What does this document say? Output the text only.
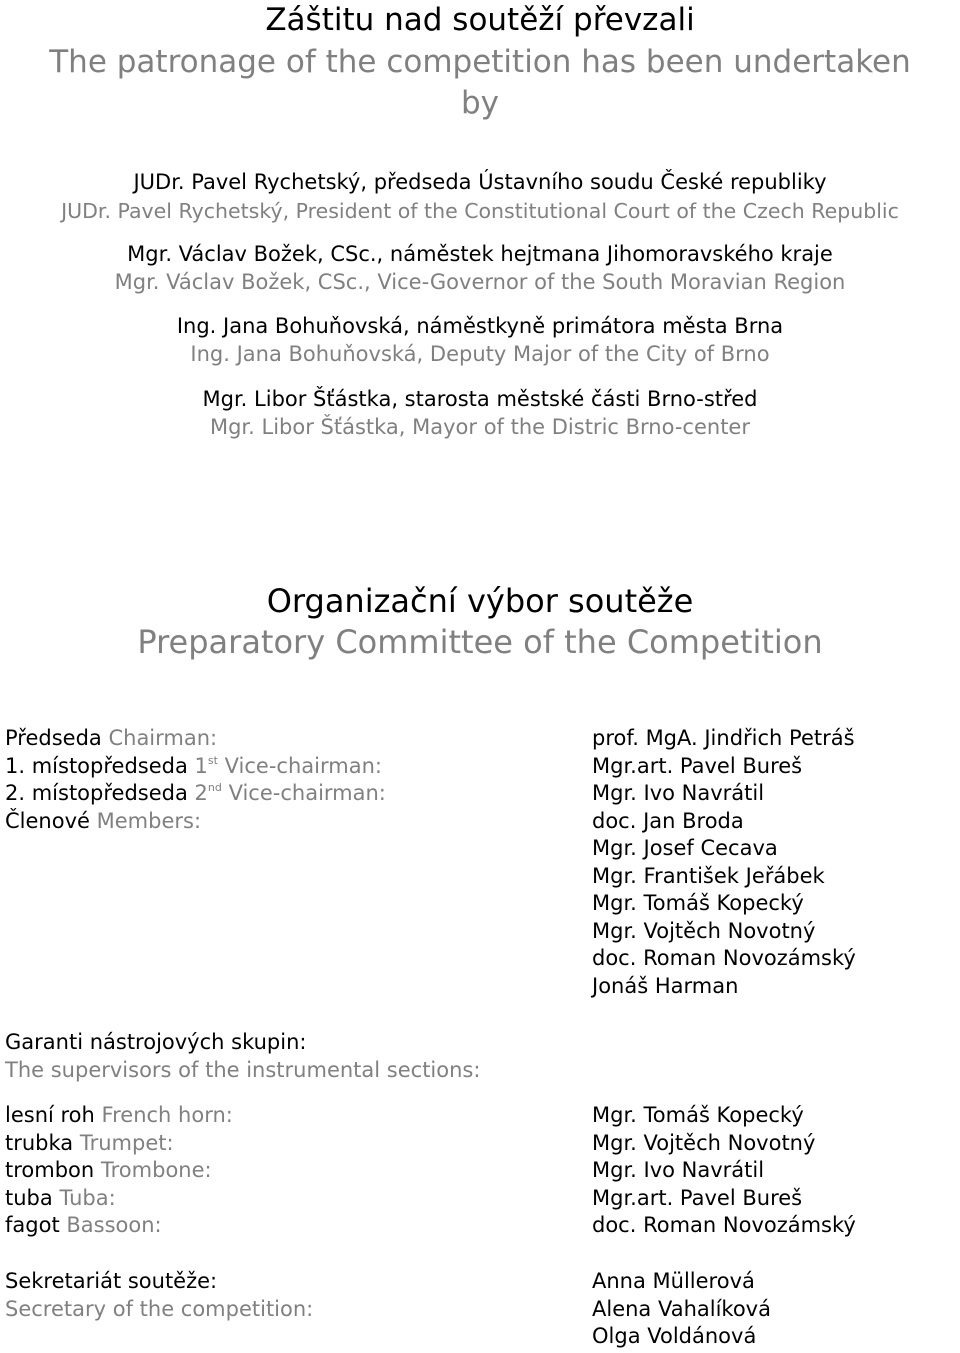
Záštitu nad soutěží převzali
The patronage of the competition has been undertaken
by
JUDr. Pavel Rychetský, předseda Ústavního soudu České republiky
JUDr. Pavel Rychetský, President of the Constitutional Court of the Czech Republic
Mgr. Václav Božek, CSc., náměstek hejtmana Jihomoravského kraje
Mgr. Václav Božek, CSc., Vice-Governor of the South Moravian Region
Ing. Jana Bohuňovská, náměstkyně primátora města Brna
Ing. Jana Bohuňovská, Deputy Major of the City of Brno
Mgr. Libor Šťástka, starosta městské části Brno-střed
Mgr. Libor Šťástka, Mayor of the Distric Brno-center
Organizační výbor soutěže
Preparatory Committee of the Competition
Předseda Chairman:
1. místopředseda 1st Vice-chairman:
2. místopředseda 2nd Vice-chairman:
Členové Members:
prof. MgA. Jindřich Petráš
Mgr.art. Pavel Bureš
Mgr. Ivo Navrátil
doc. Jan Broda
Mgr. Josef Cecava
Mgr. František Jeřábek
Mgr. Tomáš Kopecký
Mgr. Vojtěch Novotný
doc. Roman Novozámský
Jonáš Harman
Garanti nástrojových skupin:
The supervisors of the instrumental sections:
lesní roh French horn:
trubka Trumpet:
trombon Trombone:
tuba Tuba:
fagot Bassoon:
Mgr. Tomáš Kopecký
Mgr. Vojtěch Novotný
Mgr. Ivo Navrátil
Mgr.art. Pavel Bureš
doc. Roman Novozámský
Sekretariát soutěže:
Secretary of the competition:
Anna Müllerová
Alena Vahalíková
Olga Voldánová
